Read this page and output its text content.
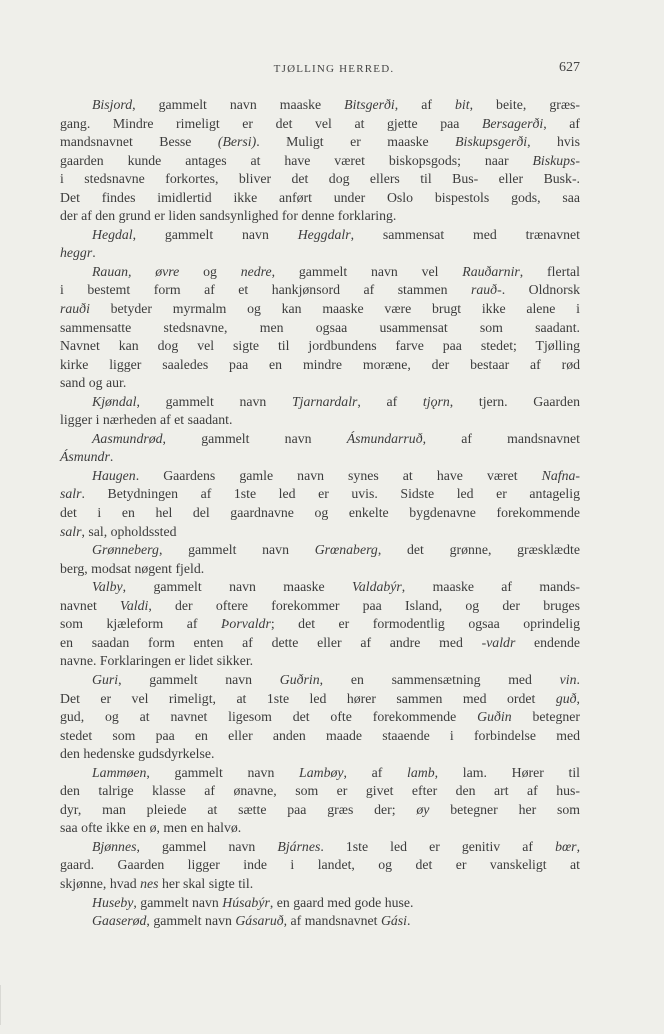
TJØLLING HERRED.	627
Bisjord, gammelt navn maaske Bitsgerði, af bit, beite, græs-
gang. Mindre rimeligt er det vel at gjette paa Bersagerði, af
mandsnavnet Besse (Bersi). Muligt er maaske Biskupsgerði, hvis
gaarden kunde antages at have været biskopsgods; naar Biskups-
i stedsnavne forkortes, bliver det dog ellers til Bus- eller Busk-.
Det findes imidlertid ikke anført under Oslo bispestols gods, saa
der af den grund er liden sandsynlighed for denne forklaring.
Hegdal, gammelt navn Heggdalr, sammensat med trænavnet
heggr.
Rauan, øvre og nedre, gammelt navn vel Rauðarnir, flertal
i bestemt form af et hankjønsord af stammen rauð-. Oldnorsk
rauði betyder myrmalm og kan maaske være brugt ikke alene i
sammensatte stedsnavne, men ogsaa usammensat som saadant.
Navnet kan dog vel sigte til jordbundens farve paa stedet; Tjølling
kirke ligger saaledes paa en mindre moræne, der bestaar af rød
sand og aur.
Kjøndal, gammelt navn Tjarnardalr, af tjǫrn, tjern. Gaarden
ligger i nærheden af et saadant.
Aasmundrød, gammelt navn Ásmundarruð, af mandsnavnet
Ásmundr.
Haugen. Gaardens gamle navn synes at have været Nafna-
salr. Betydningen af 1ste led er uvis. Sidste led er antagelig
det i en hel del gaardnavne og enkelte bygdenavne forekommende
salr, sal, opholdssted
Grønneberg, gammelt navn Grœnaberg, det grønne, græsklædte
berg, modsat nøgent fjeld.
Valby, gammelt navn maaske Valdabýr, maaske af mands-
navnet Valdi, der oftere forekommer paa Island, og der bruges
som kjæleform af Þorvaldr; det er formodentlig ogsaa oprindelig
en saadan form enten af dette eller af andre med -valdr endende
navne. Forklaringen er lidet sikker.
Guri, gammelt navn Guðrin, en sammensætning med vin.
Det er vel rimeligt, at 1ste led hører sammen med ordet guð,
gud, og at navnet ligesom det ofte forekommende Guðin betegner
stedet som paa en eller anden maade staaende i forbindelse med
den hedenske gudsdyrkelse.
Lammøen, gammelt navn Lambøy, af lamb, lam. Hører til
den talrige klasse af ønavne, som er givet efter den art af hus-
dyr, man pleiede at sætte paa græs der; øy betegner her som
saa ofte ikke en ø, men en halvø.
Bjønnes, gammel navn Bjárnes. 1ste led er genitiv af bœr,
gaard. Gaarden ligger inde i landet, og det er vanskeligt at
skjønne, hvad nes her skal sigte til.
Huseby, gammelt navn Húsabýr, en gaard med gode huse.
Gaaserød, gammelt navn Gásaruð, af mandsnavnet Gási.
